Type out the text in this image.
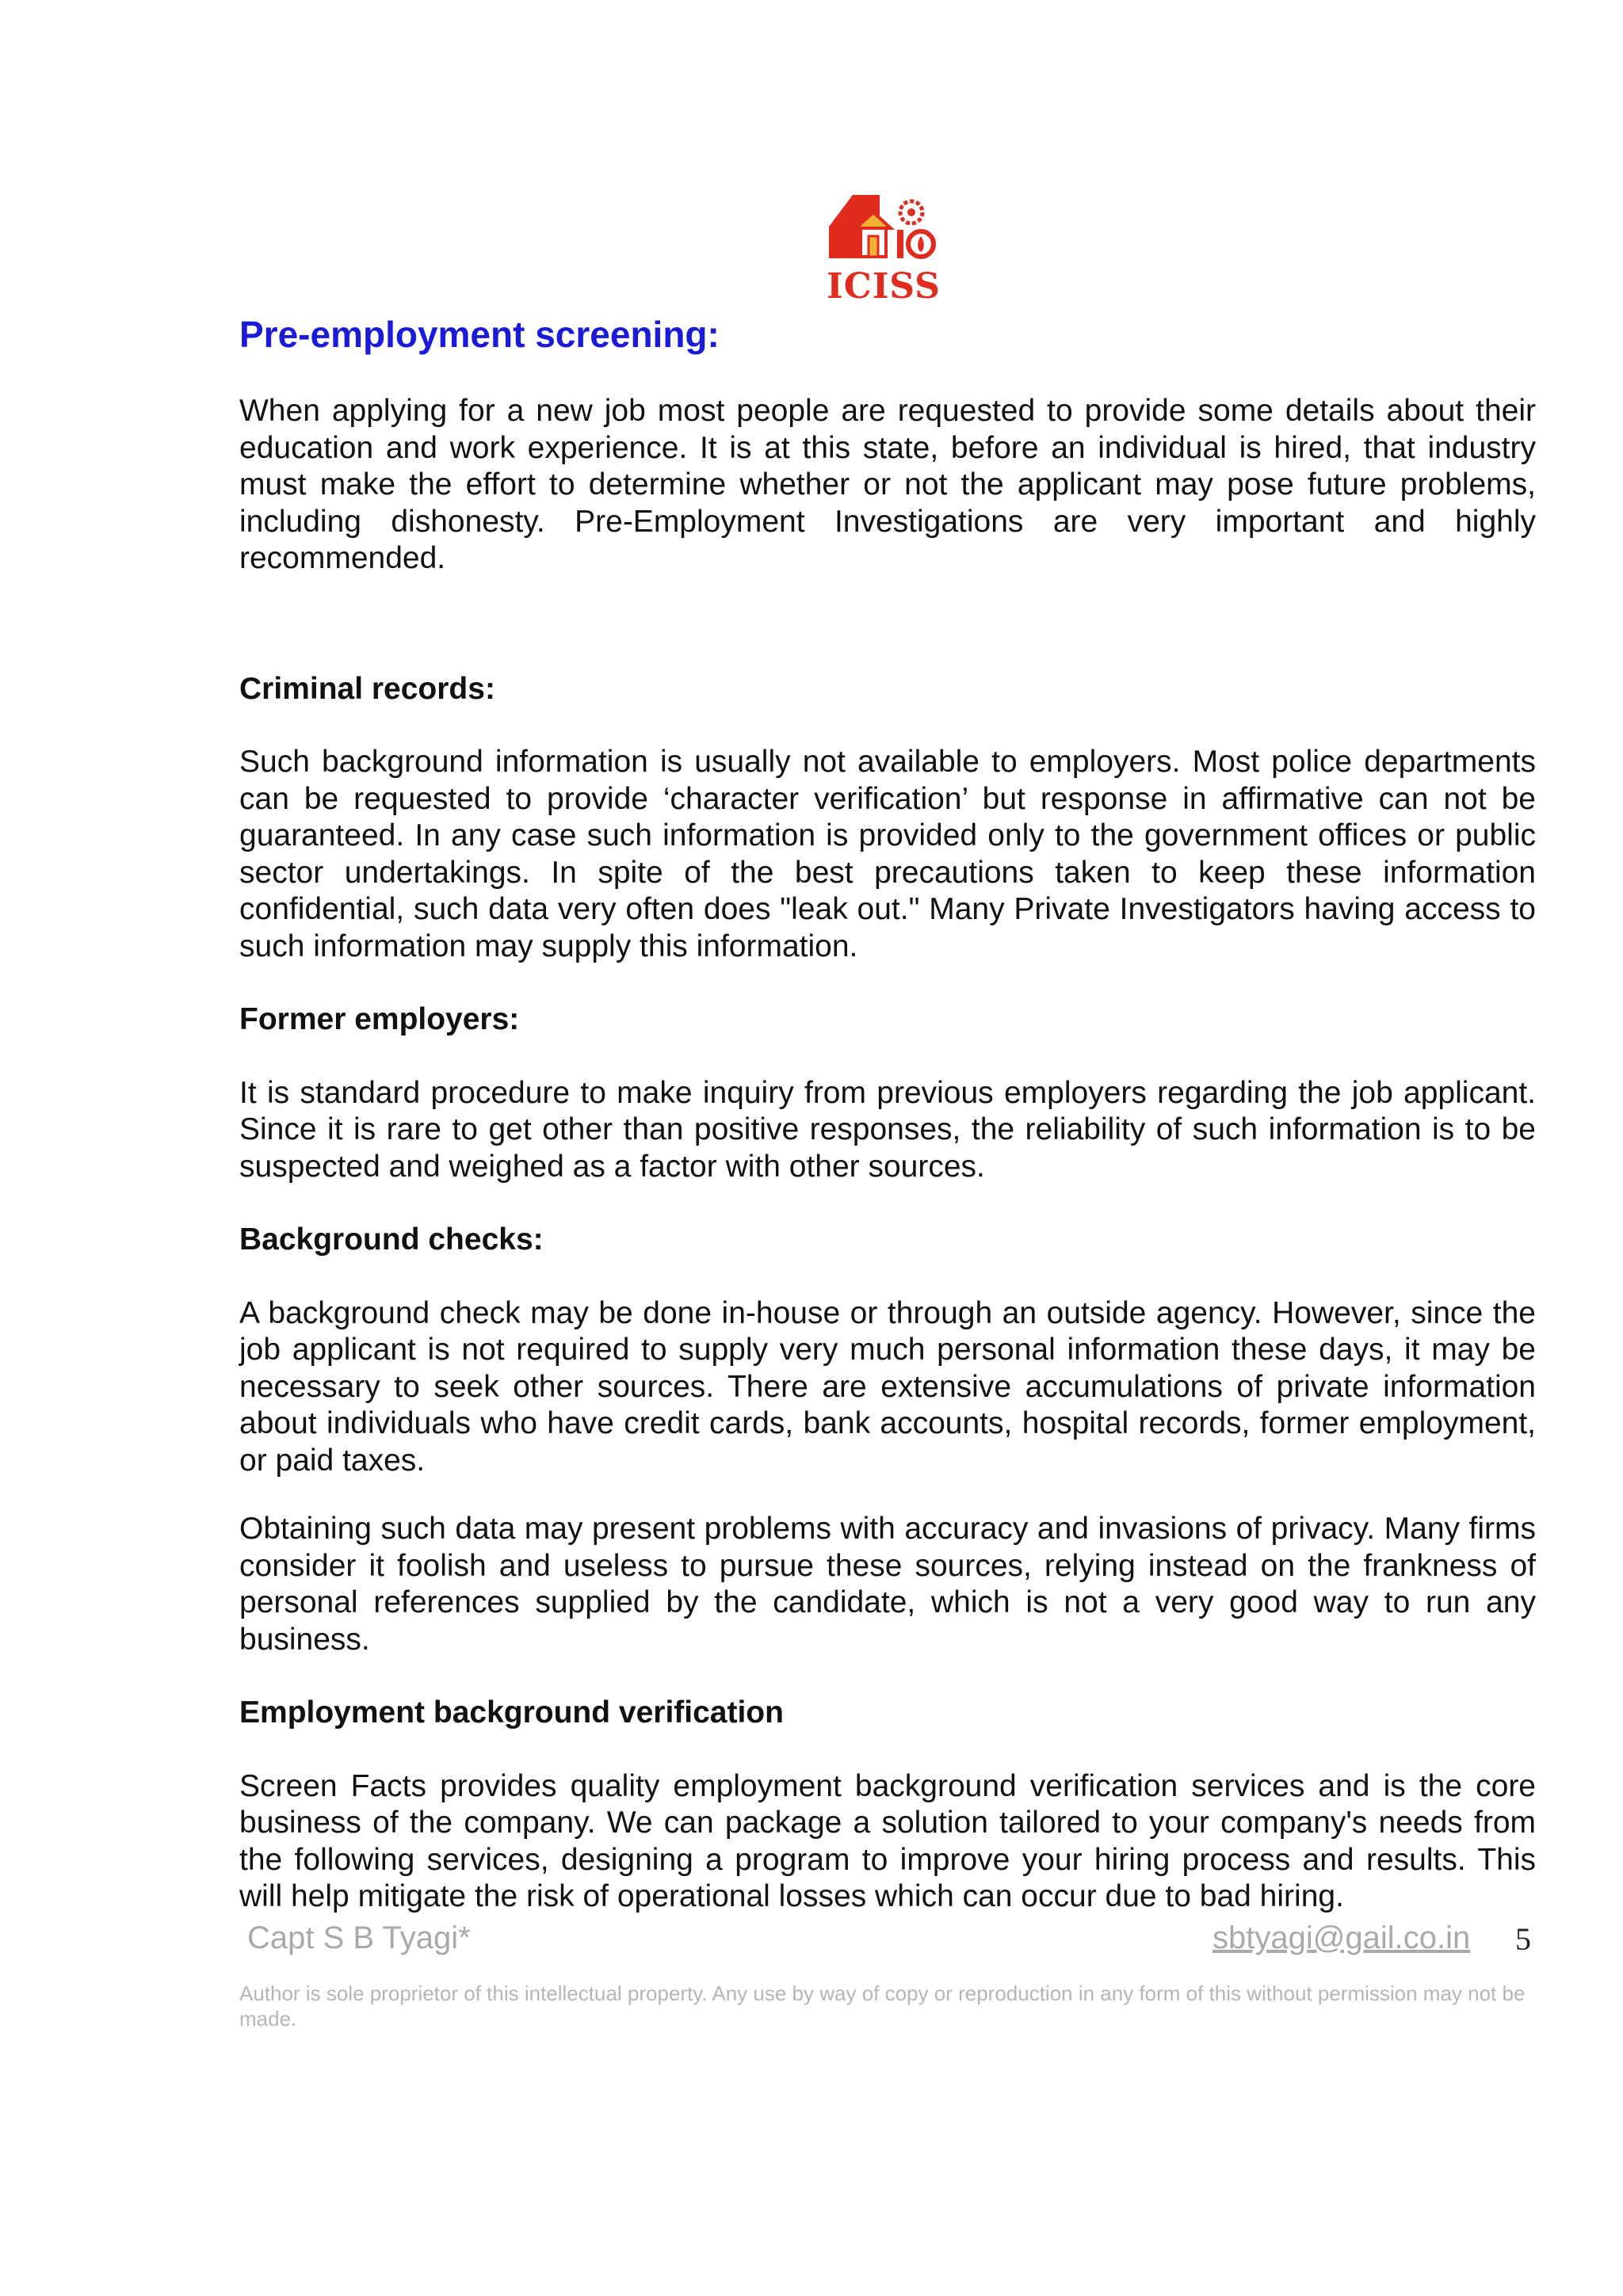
ICISS
Pre-employment screening:

When applying for a new job most people are requested to provide some details about their education and work experience. It is at this state, before an individual is hired, that industry must make the effort to determine whether or not the applicant may pose future problems, including dishonesty. Pre-Employment Investigations are very important and highly recommended.

Criminal records:

Such background information is usually not available to employers. Most police departments can be requested to provide ‘character verification’ but response in affirmative can not be guaranteed. In any case such information is provided only to the government offices or public sector undertakings. In spite of the best precautions taken to keep these information confidential, such data very often does "leak out." Many Private Investigators having access to such information may supply this information.

Former employers:

It is standard procedure to make inquiry from previous employers regarding the job applicant. Since it is rare to get other than positive responses, the reliability of such information is to be suspected and weighed as a factor with other sources.

Background checks:

A background check may be done in-house or through an outside agency. However, since the job applicant is not required to supply very much personal information these days, it may be necessary to seek other sources. There are extensive accumulations of private information about individuals who have credit cards, bank accounts, hospital records, former employment, or paid taxes.

Obtaining such data may present problems with accuracy and invasions of privacy. Many firms consider it foolish and useless to pursue these sources, relying instead on the frankness of personal references supplied by the candidate, which is not a very good way to run any business.

Employment background verification

Screen Facts provides quality employment background verification services and is the core business of the company. We can package a solution tailored to your company's needs from the following services, designing a program to improve your hiring process and results. This will help mitigate the risk of operational losses which can occur due to bad hiring.

Capt S B Tyagi*	sbtyagi@gail.co.in 5
Author is sole proprietor of this intellectual property. Any use by way of copy or reproduction in any form of this without permission may not be made.
